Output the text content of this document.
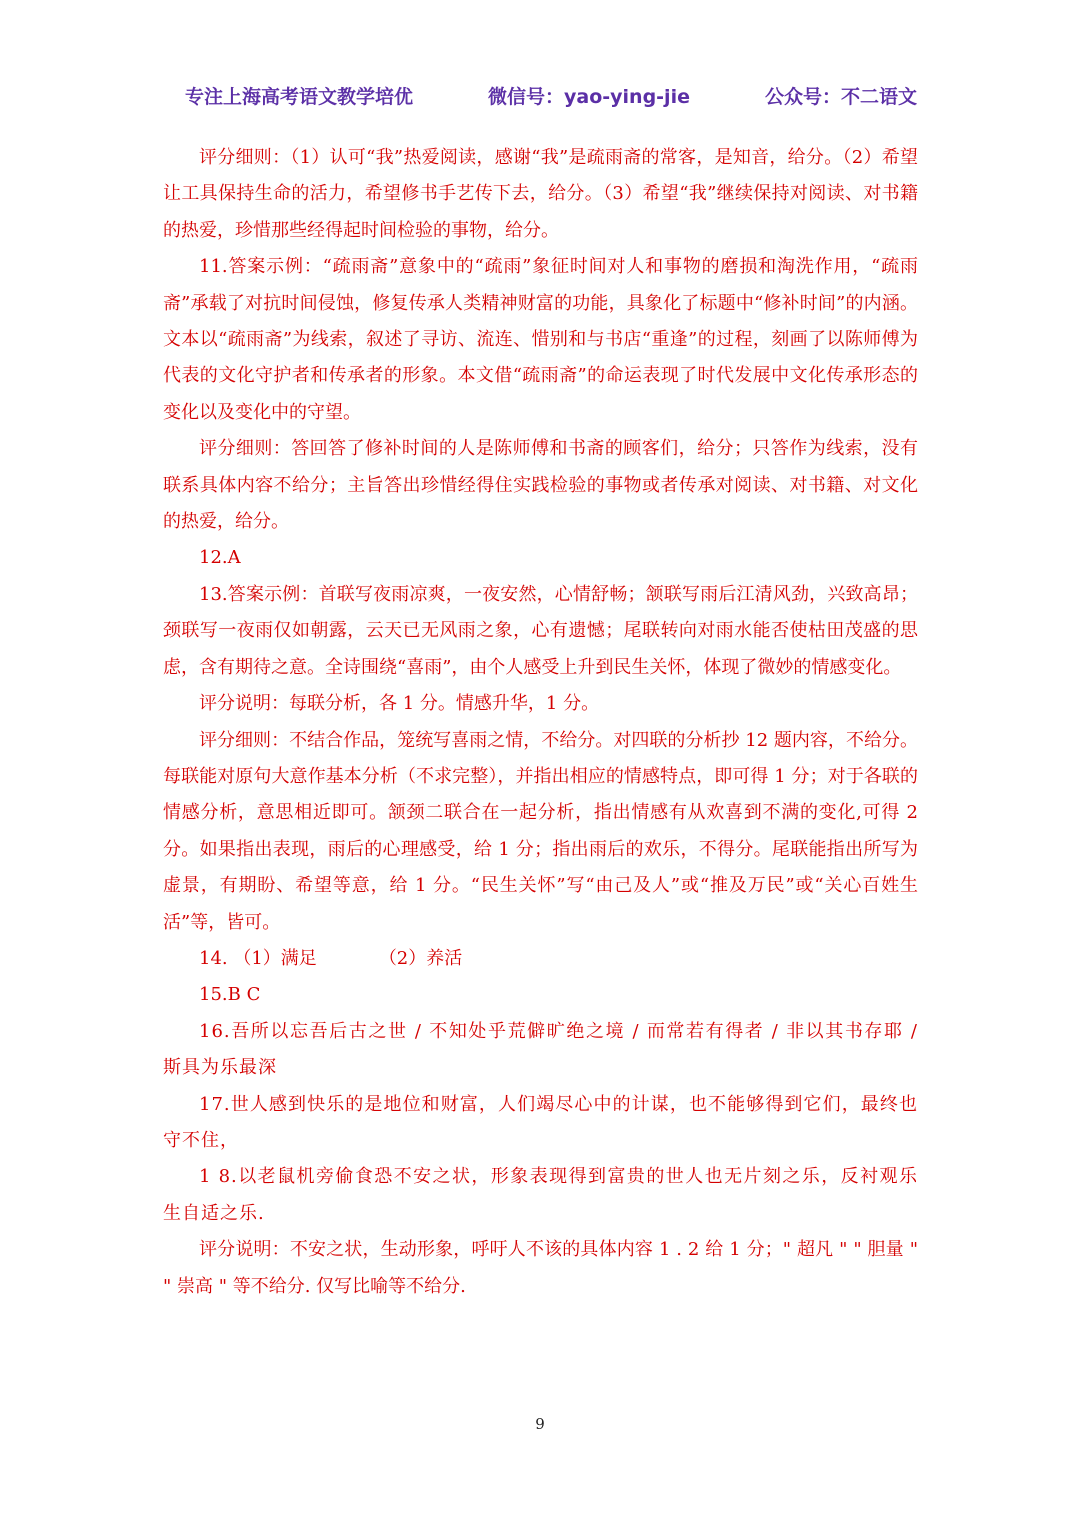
专注上海高考语文教学培优	微信号：yao-ying-jie	公众号：不二语文

评分细则：（1）认可“我”热爱阅读，感谢“我”是疏雨斋的常客，是知音，给分。（2）希望让工具保持生命的活力，希望修书手艺传下去，给分。（3）希望“我”继续保持对阅读、对书籍的热爱，珍惜那些经得起时间检验的事物，给分。

11.答案示例：“疏雨斋”意象中的“疏雨”象征时间对人和事物的磨损和淘洗作用，“疏雨斋”承载了对抗时间侵蚀，修复传承人类精神财富的功能，具象化了标题中“修补时间”的内涵。文本以“疏雨斋”为线索，叙述了寻访、流连、惜别和与书店“重逢”的过程，刻画了以陈师傅为代表的文化守护者和传承者的形象。本文借“疏雨斋”的命运表现了时代发展中文化传承形态的变化以及变化中的守望。

评分细则：答回答了修补时间的人是陈师傅和书斋的顾客们，给分；只答作为线索，没有联系具体内容不给分；主旨答出珍惜经得住实践检验的事物或者传承对阅读、对书籍、对文化的热爱，给分。

12.A

13.答案示例：首联写夜雨凉爽，一夜安然，心情舒畅；颔联写雨后江清风劲，兴致高昂；颈联写一夜雨仅如朝露，云天已无风雨之象，心有遗憾；尾联转向对雨水能否使枯田茂盛的思虑，含有期待之意。全诗围绕“喜雨”，由个人感受上升到民生关怀，体现了微妙的情感变化。

评分说明：每联分析，各 1 分。情感升华，1 分。

评分细则：不结合作品，笼统写喜雨之情，不给分。对四联的分析抄 12 题内容，不给分。每联能对原句大意作基本分析（不求完整），并指出相应的情感特点，即可得 1 分；对于各联的情感分析，意思相近即可。颔颈二联合在一起分析，指出情感有从欢喜到不满的变化,可得 2 分。如果指出表现，雨后的心理感受，给 1 分；指出雨后的欢乐，不得分。尾联能指出所写为虚景，有期盼、希望等意，给 1 分。“民生关怀”写“由己及人”或“推及万民”或“关心百姓生活”等，皆可。

14. （1）满足	（2）养活

15.B C

16.吾所以忘吾后古之世 / 不知处乎荒僻旷绝之境 / 而常若有得者 / 非以其书存耶 / 斯具为乐最深

17.世人感到快乐的是地位和财富，人们竭尽心中的计谋，也不能够得到它们，最终也守不住，

1 8.以老鼠机旁偷食恐不安之状，形象表现得到富贵的世人也无片刻之乐，反衬观乐生自适之乐.

评分说明：不安之状，生动形象，呼吁人不该的具体内容 1 . 2 给 1 分；" 超凡 " " 胆量 " " 崇高 " 等不给分. 仅写比喻等不给分.

9
